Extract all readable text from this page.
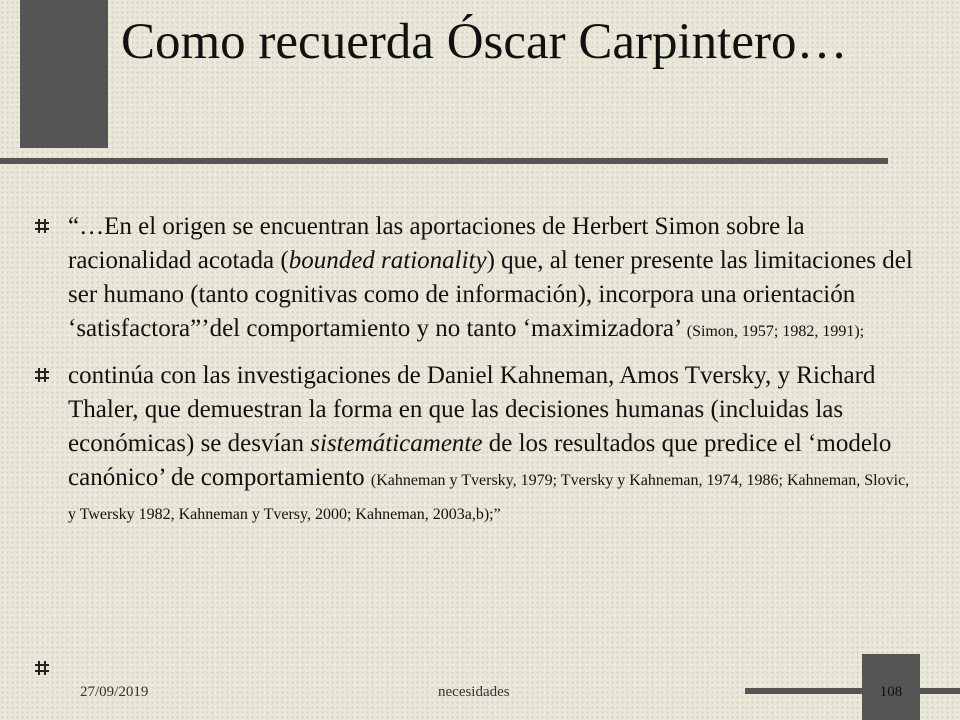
Como recuerda Óscar Carpintero…
“…En el origen se encuentran las aportaciones de Herbert Simon sobre la racionalidad acotada (bounded rationality) que, al tener presente las limitaciones del ser humano (tanto cognitivas como de información), incorpora una orientación ‘satisfactora”’del comportamiento y no tanto ‘maximizadora’ (Simon, 1957; 1982, 1991);
continúa con las investigaciones de Daniel Kahneman, Amos Tversky, y Richard Thaler, que demuestran la forma en que las decisiones humanas (incluidas las económicas) se desvían sistemáticamente de los resultados que predice el ‘modelo canónico’ de comportamiento (Kahneman y Tversky, 1979; Tversky y Kahneman, 1974, 1986; Kahneman, Slovic, y Twersky 1982, Kahneman y Tversy, 2000; Kahneman, 2003a,b);”
27/09/2019	necesidades	108
